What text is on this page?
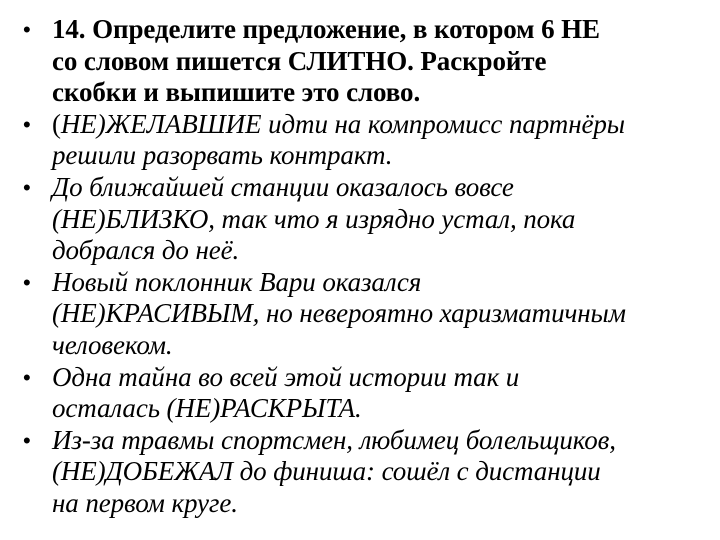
• 14. Определите предложение, в котором 6 НЕ
со словом пишется СЛИТНО. Раскройте
скобки и выпишите это слово.
• (НЕ)ЖЕЛАВШИЕ идти на компромисс партнёры
решили разорвать контракт.
• До ближайшей станции оказалось вовсе
(НЕ)БЛИЗКО, так что я изрядно устал, пока
добрался до неё.
• Новый поклонник Вари оказался
(НЕ)КРАСИВЫМ, но невероятно харизматичным
человеком.
• Одна тайна во всей этой истории так и
осталась (НЕ)РАСКРЫТА.
• Из-за травмы спортсмен, любимец болельщиков,
(НЕ)ДОБЕЖАЛ до финиша: сошёл с дистанции
на первом круге.
